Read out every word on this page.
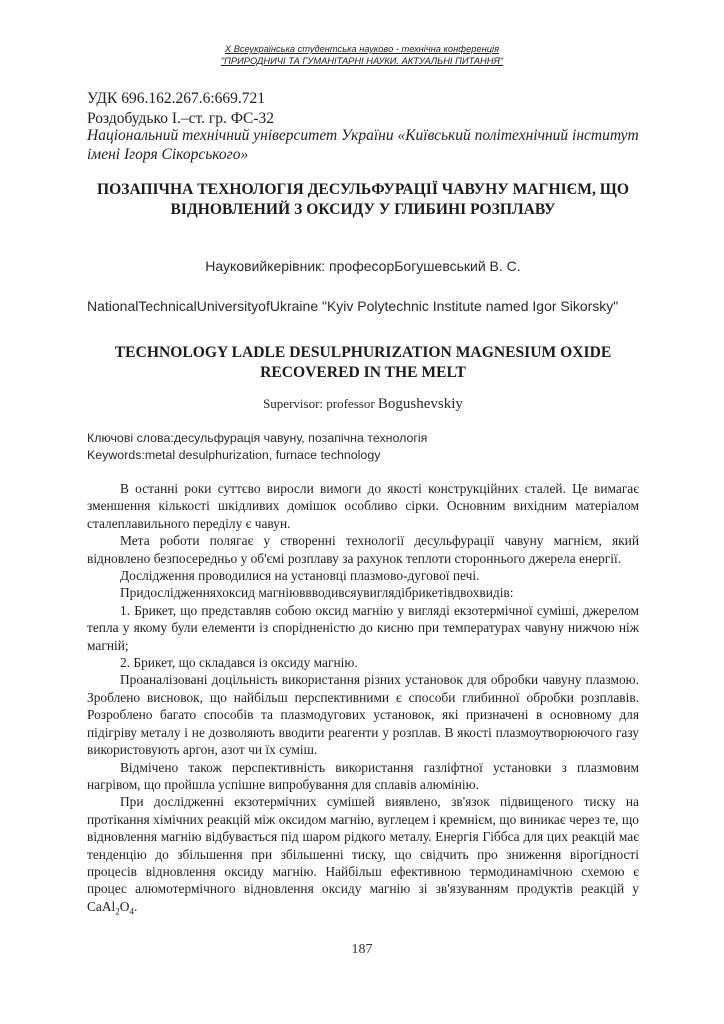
X Всеукраїнська студентська науково - технічна конференція
"ПРИРОДНИЧІ ТА ГУМАНІТАРНІ НАУКИ. АКТУАЛЬНІ ПИТАННЯ"
УДК 696.162.267.6:669.721
Роздобудько І.–ст. гр. ФС-32
Національний технічний університет України «Київський політехнічний інститут імені Ігоря Сікорського»
ПОЗАПІЧНА ТЕХНОЛОГІЯ ДЕСУЛЬФУРАЦІЇ ЧАВУНУ МАГНІЄМ, ЩО ВІДНОВЛЕНИЙ З ОКСИДУ У ГЛИБИНІ РОЗПЛАВУ
Науковийкерівник: професорБогушевський В. С.
NationalTechnicalUniversityofUkraine "Kyiv Polytechnic Institute named Igor Sikorsky"
TECHNOLOGY LADLE DESULPHURIZATION MAGNESIUM OXIDE RECOVERED IN THE MELT
Supervisor: professor Bogushevskiy
Ключові слова:десульфурація чавуну, позапічна технологія
Keywords:metal desulphurization, furnace technology

В останні роки суттєво виросли вимоги до якості конструкційних сталей. Це вимагає зменшення кількості шкідливих домішок особливо сірки. Основним вихідним матеріалом сталеплавильного переділу є чавун.

Мета роботи полягає у створенні технології десульфурації чавуну магнієм, який відновлено безпосередньо у об'ємі розплаву за рахунок теплоти стороннього джерела енергії.

Дослідження проводилися на установці плазмово-дугової печі.

Придослідженняхоксид магніюввводивсяувиглядібрикетівдвохвидів:

1. Брикет, що представляв собою оксид магнію у вигляді екзотермічної суміші, джерелом тепла у якому були елементи із спорідненістю до кисню при температурах чавуну нижчою ніж магній;

2. Брикет, що складався із оксиду магнію.

Проаналізовані доцільність використання різних установок для обробки чавуну плазмою. Зроблено висновок, що найбільш перспективними є способи глибинної обробки розплавів. Розроблено багато способів та плазмодугових установок, які призначені в основному для підігріву металу і не дозволяють вводити реагенти у розплав. В якості плазмоутворюючого газу використовують аргон, азот чи їх суміш.

Відмічено також перспективність використання газліфтної установки з плазмовим нагрівом, що пройшла успішне випробування для сплавів алюмінію.

При дослідженні екзотермічних сумішей виявлено, зв'язок підвищеного тиску на протікання хімічних реакцій між оксидом магнію, вуглецем і кремнієм, що виникає через те, що відновлення магнію відбувається під шаром рідкого металу. Енергія Гіббса для цих реакцій має тенденцію до збільшення при збільшенні тиску, що свідчить про зниження вірогідності процесів відновлення оксиду магнію. Найбільш ефективною термодинамічною схемою є процес алюмотермічного відновлення оксиду магнію зі зв'язуванням продуктів реакцій у $CaAl_2O_4$.

187
